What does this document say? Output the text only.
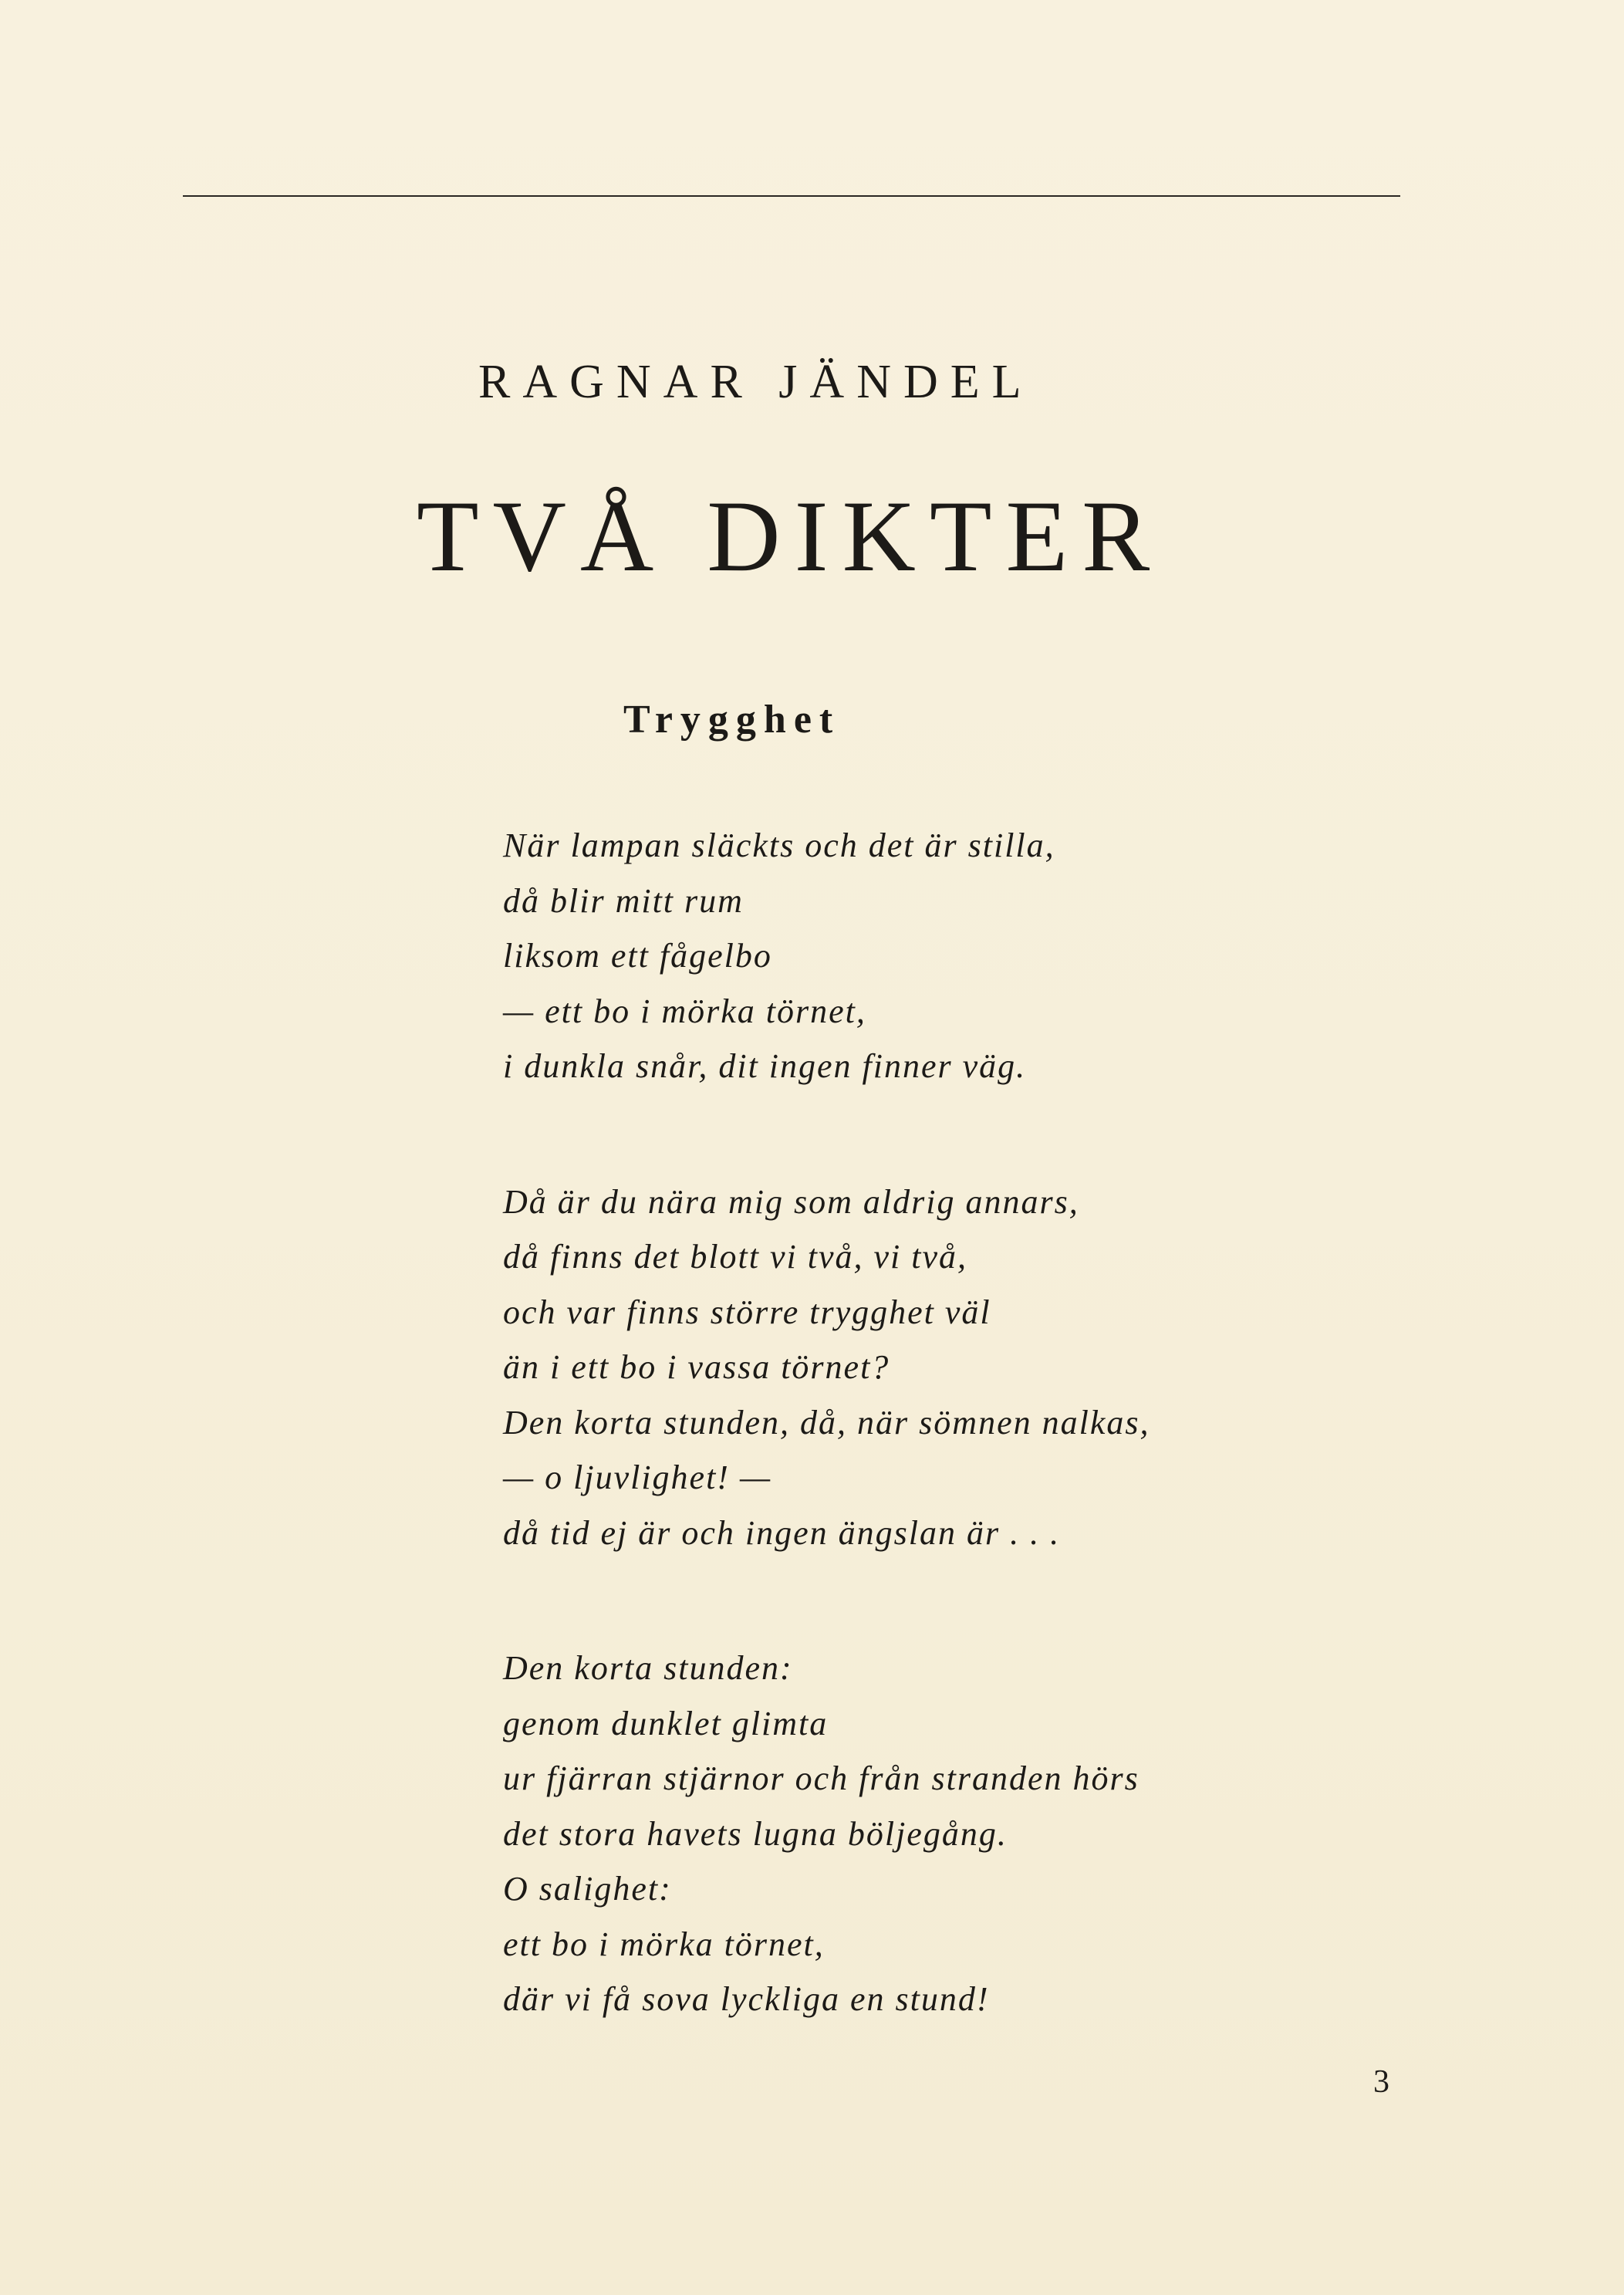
RAGNAR JÄNDEL
TVÅ DIKTER
Trygghet
När lampan släckts och det är stilla,
då blir mitt rum
liksom ett fågelbo
— ett bo i mörka törnet,
i dunkla snår, dit ingen finner väg.
Då är du nära mig som aldrig annars,
då finns det blott vi två, vi två,
och var finns större trygghet väl
än i ett bo i vassa törnet?
Den korta stunden, då, när sömnen nalkas,
— o ljuvlighet! —
då tid ej är och ingen ängslan är . . .
Den korta stunden:
genom dunklet glimta
ur fjärran stjärnor och från stranden hörs
det stora havets lugna böljegång.
O salighet:
ett bo i mörka törnet,
där vi få sova lyckliga en stund!
3
